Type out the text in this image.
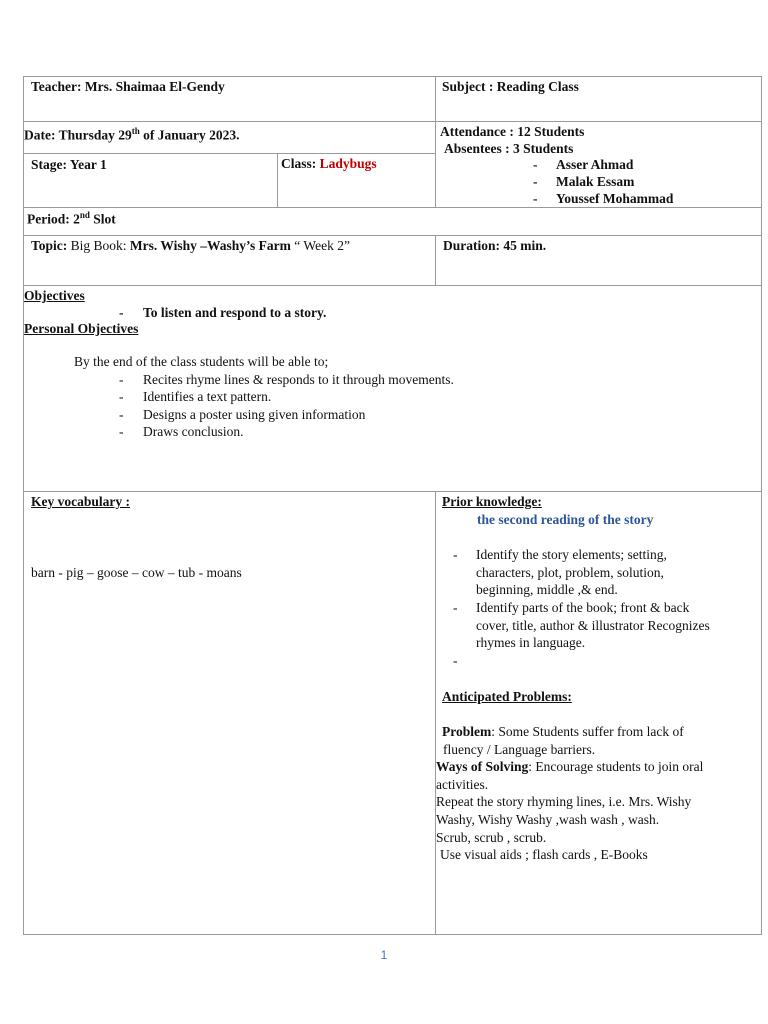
Teacher: Mrs. Shaimaa El-Gendy	Subject : Reading Class
Date: Thursday 29th of January 2023.	Attendance : 12 Students
Absentees : 3 Students
- Asser Ahmad
- Malak Essam
- Youssef Mohammad
Stage: Year 1	Class: Ladybugs
Period: 2nd Slot
Topic: Big Book: Mrs. Wishy –Washy’s Farm “ Week 2”	Duration: 45 min.
Objectives
- To listen and respond to a story.
Personal Objectives
By the end of the class students will be able to;
- Recites rhyme lines & responds to it through movements.
- Identifies a text pattern.
- Designs a poster using given information
- Draws conclusion.
Key vocabulary :
barn - pig – goose – cow – tub - moans
Prior knowledge:
the second reading of the story
- Identify the story elements; setting,
characters, plot, problem, solution,
beginning, middle ,& end.
- Identify parts of the book; front & back
cover, title, author & illustrator Recognizes
rhymes in language.
-
Anticipated Problems:
Problem: Some Students suffer from lack of
fluency / Language barriers.
Ways of Solving: Encourage students to join oral
activities.
Repeat the story rhyming lines, i.e. Mrs. Wishy
Washy, Wishy Washy ,wash wash , wash.
Scrub, scrub , scrub.
Use visual aids ; flash cards , E-Books
1
